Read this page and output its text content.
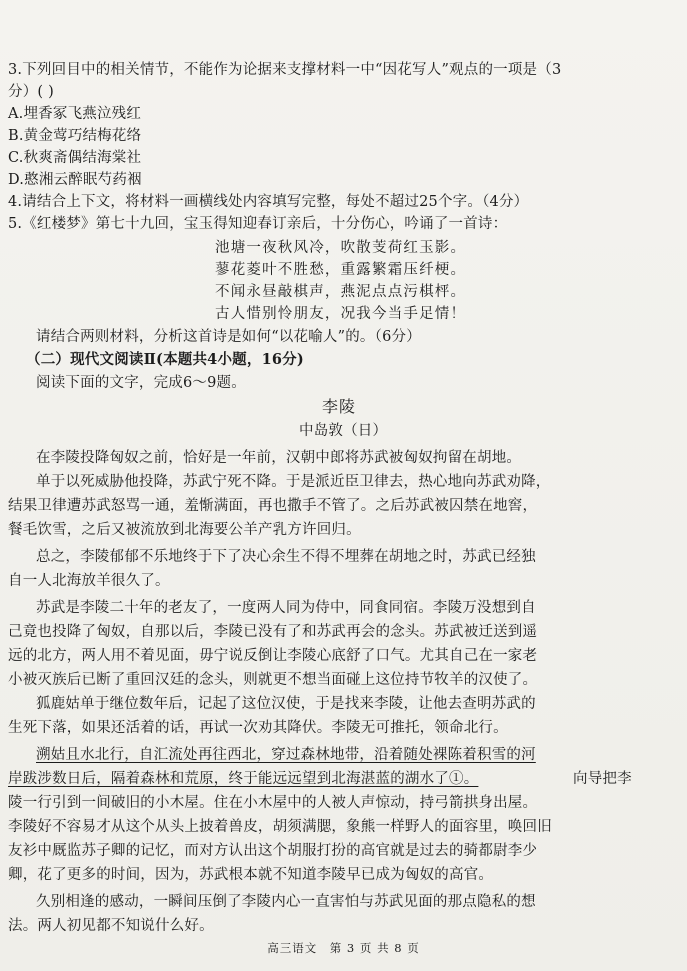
3.下列回目中的相关情节，不能作为论据来支撑材料一中“因花写人”观点的一项是（3
分）( )
A.埋香冢飞燕泣残红
B.黄金莺巧结梅花络
C.秋爽斋偶结海棠社
D.憨湘云醉眠芍药裀
4.请结合上下文，将材料一画横线处内容填写完整，每处不超过25个字。（4分）
5.《红楼梦》第七十九回，宝玉得知迎春订亲后，十分伤心，吟诵了一首诗：
池塘一夜秋风冷，吹散芰荷红玉影。
蓼花菱叶不胜愁，重露繁霜压纤梗。
不闻永昼敲棋声，燕泥点点污棋枰。
古人惜别怜朋友，况我今当手足情！
请结合两则材料，分析这首诗是如何“以花喻人”的。（6分）
（二）现代文阅读Ⅱ(本题共4小题，16分)
阅读下面的文字，完成6～9题。
李陵
中岛敦（日）
在李陵投降匈奴之前，恰好是一年前，汉朝中郎将苏武被匈奴拘留在胡地。
单于以死威胁他投降，苏武宁死不降。于是派近臣卫律去，热心地向苏武劝降，
结果卫律遭苏武怒骂一通，羞惭满面，再也撒手不管了。之后苏武被囚禁在地窖，
餐毛饮雪，之后又被流放到北海要公羊产乳方许回归。
总之，李陵郁郁不乐地终于下了决心余生不得不埋葬在胡地之时，苏武已经独
自一人北海放羊很久了。
苏武是李陵二十年的老友了，一度两人同为侍中，同食同宿。李陵万没想到自
己竟也投降了匈奴，自那以后，李陵已没有了和苏武再会的念头。苏武被迁送到遥
远的北方，两人用不着见面，毋宁说反倒让李陵心底舒了口气。尤其自己在一家老
小被灭族后已断了重回汉廷的念头，则就更不想当面碰上这位持节牧羊的汉使了。
狐鹿姑单于继位数年后，记起了这位汉使，于是找来李陵，让他去查明苏武的
生死下落，如果还活着的话，再试一次劝其降伏。李陵无可推托，领命北行。
溯姑且水北行，自汇流处再往西北，穿过森林地带，沿着随处裸陈着积雪的河
岸跋涉数日后，隔着森林和荒原，终于能远远望到北海湛蓝的湖水了①。	向导把李
陵一行引到一间破旧的小木屋。住在小木屋中的人被人声惊动，持弓箭拱身出屋。
李陵好不容易才从这个从头上披着兽皮，胡须满腮，象熊一样野人的面容里，唤回旧
友衫中厩监苏子卿的记忆，而对方认出这个胡服打扮的高官就是过去的骑都尉李少
卿，花了更多的时间，因为，苏武根本就不知道李陵早已成为匈奴的高官。
久别相逢的感动，一瞬间压倒了李陵内心一直害怕与苏武见面的那点隐私的想
法。两人初见都不知说什么好。
高三语文　第 3 页 共 8 页
